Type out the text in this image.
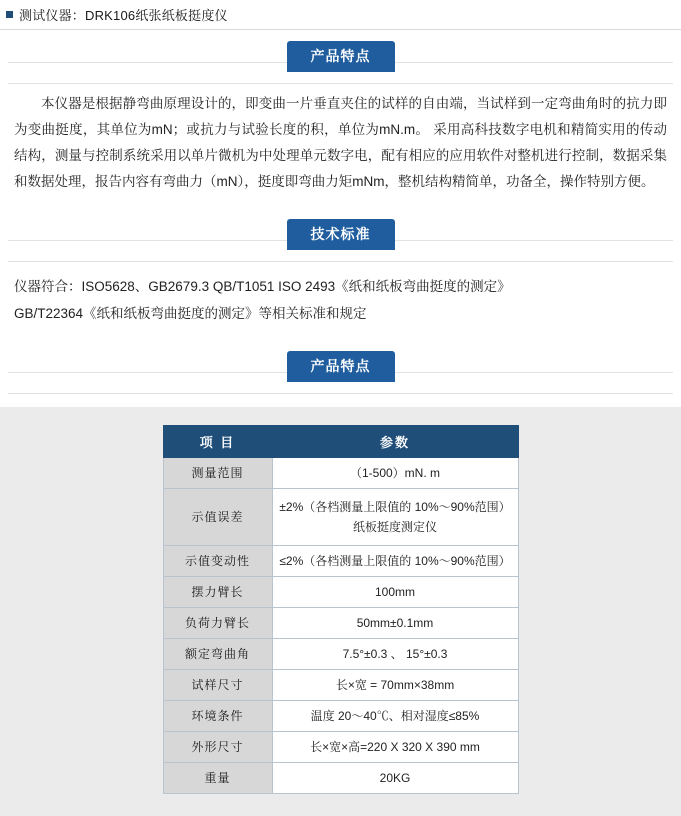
测试仪器：DRK106纸张纸板挺度仪
产品特点
本仪器是根据静弯曲原理设计的，即变曲一片垂直夹住的试样的自由端，当试样到一定弯曲角时的抗力即为变曲挺度，其单位为mN；或抗力与试验长度的积，单位为mN.m。 采用高科技数字电机和精简实用的传动结构，测量与控制系统采用以单片微机为中处理单元数字电，配有相应的应用软件对整机进行控制，数据采集和数据处理，报告内容有弯曲力（mN），挺度即弯曲力矩mNm，整机结构精简单，功备全，操作特别方便。
技术标准
仪器符合：ISO5628、GB2679.3 QB/T1051 ISO 2493《纸和纸板弯曲挺度的测定》
GB/T22364《纸和纸板弯曲挺度的测定》等相关标准和规定
产品特点
项 目	参数
测量范围	（1-500）mN. m
示值误差	±2%（各档测量上限值的 10%～90%范围） 纸板挺度测定仪
示值变动性	≤2%（各档测量上限值的 10%～90%范围）
摆力臂长	100mm
负荷力臂长	50mm±0.1mm
额定弯曲角	7.5°±0.3 、 15°±0.3
试样尺寸	长×宽 = 70mm×38mm
环境条件	温度 20～40℃、相对湿度≤85%
外形尺寸	长×宽×高=220 X 320 X 390 mm
重量	20KG
